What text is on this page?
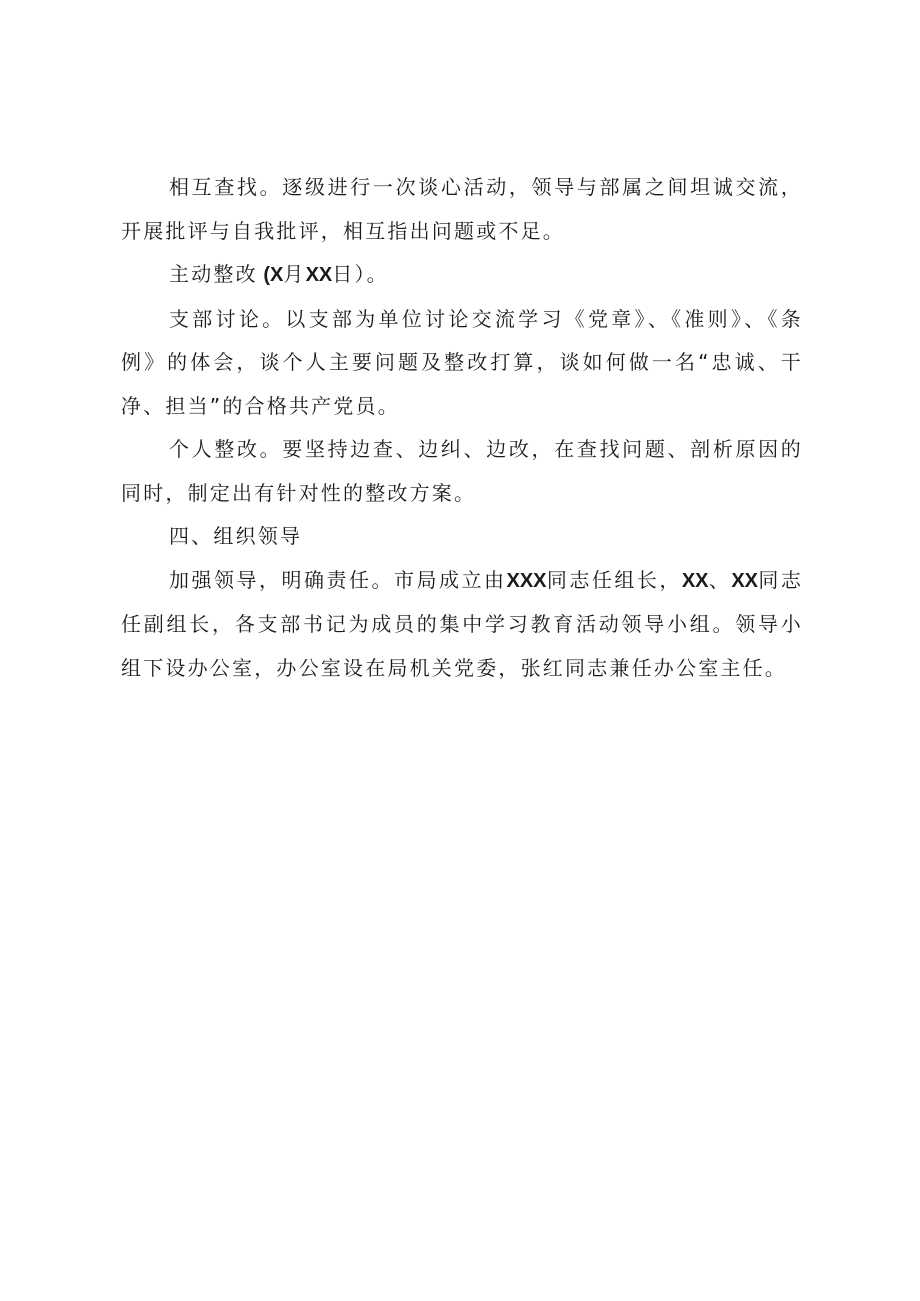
相互查找。逐级进行一次谈心活动，领导与部属之间坦诚交流，开展批评与自我批评，相互指出问题或不足。

主动整改 (X月XX日）。

支部讨论。以支部为单位讨论交流学习《党章》、《准则》、《条例》的体会，谈个人主要问题及整改打算，谈如何做一名“忠诚、干净、担当”的合格共产党员。

个人整改。要坚持边查、边纠、边改，在查找问题、剖析原因的同时，制定出有针对性的整改方案。

四、组织领导

加强领导，明确责任。市局成立由XXX同志任组长，XX、XX同志任副组长，各支部书记为成员的集中学习教育活动领导小组。领导小组下设办公室，办公室设在局机关党委，张红同志兼任办公室主任。
